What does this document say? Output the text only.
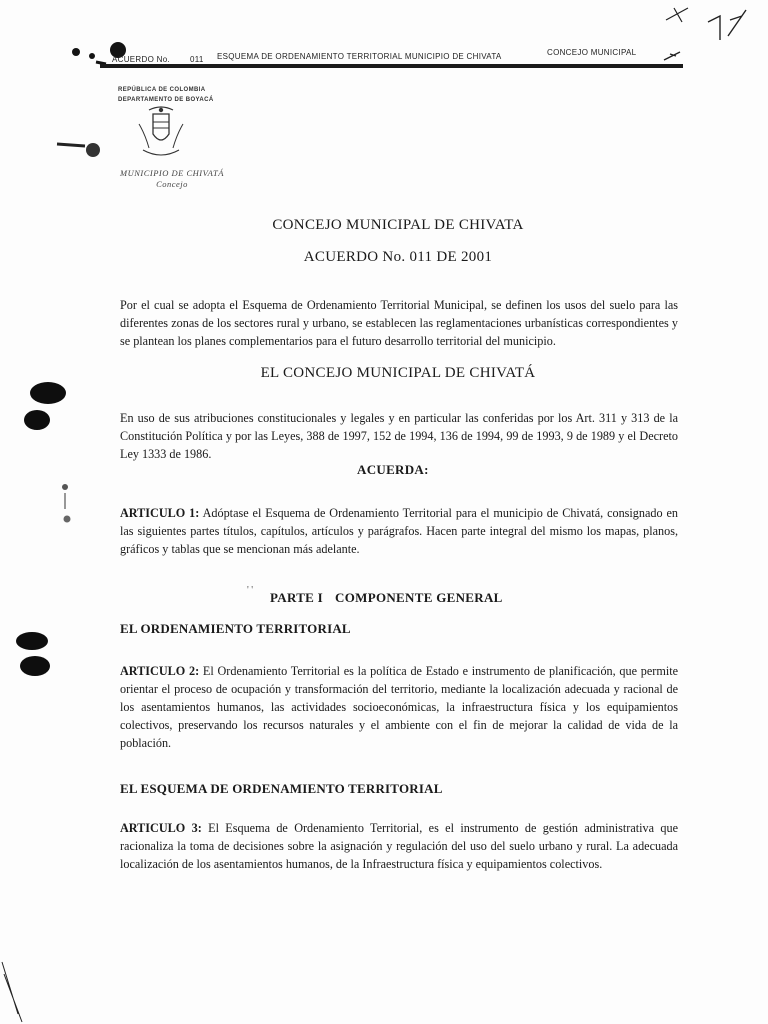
ACUERDO No.	011 ESQUEMA DE ORDENAMIENTO TERRITORIAL MUNICIPIO DE CHIVATA	CONCEJO MUNICIPAL
REPÚBLICA DE COLOMBIA
DEPARTAMENTO DE BOYACÁ
MUNICIPIO DE CHIVATÁ
Concejo
CONCEJO MUNICIPAL DE CHIVATA
ACUERDO No. 011 DE 2001

Por el cual se adopta el Esquema de Ordenamiento Territorial Municipal, se definen los usos del suelo para las diferentes zonas de los sectores rural y urbano, se establecen las reglamentaciones urbanísticas correspondientes y se plantean los planes complementarios para el futuro desarrollo territorial del municipio.

EL CONCEJO MUNICIPAL DE CHIVATÁ

En uso de sus atribuciones constitucionales y legales y en particular las conferidas por los Art. 311 y 313 de la Constitución Política y por las Leyes, 388 de 1997, 152 de 1994, 136 de 1994, 99 de 1993, 9 de 1989 y el Decreto Ley 1333 de 1986.

ACUERDA:

ARTICULO 1: Adóptase el Esquema de Ordenamiento Territorial para el municipio de Chivatá, consignado en las siguientes partes títulos, capítulos, artículos y parágrafos. Hacen parte integral del mismo los mapas, planos, gráficos y tablas que se mencionan más adelante.

' ' PARTE I COMPONENTE GENERAL
EL ORDENAMIENTO TERRITORIAL

ARTICULO 2: El Ordenamiento Territorial es la política de Estado e instrumento de planificación, que permite orientar el proceso de ocupación y transformación del territorio, mediante la localización adecuada y racional de los asentamientos humanos, las actividades socioeconómicas, la infraestructura física y los equipamientos colectivos, preservando los recursos naturales y el ambiente con el fin de mejorar la calidad de vida de la población.

EL ESQUEMA DE ORDENAMIENTO TERRITORIAL

ARTICULO 3: El Esquema de Ordenamiento Territorial, es el instrumento de gestión administrativa que racionaliza la toma de decisiones sobre la asignación y regulación del uso del suelo urbano y rural. La adecuada localización de los asentamientos humanos, de la Infraestructura física y equipamientos colectivos.
